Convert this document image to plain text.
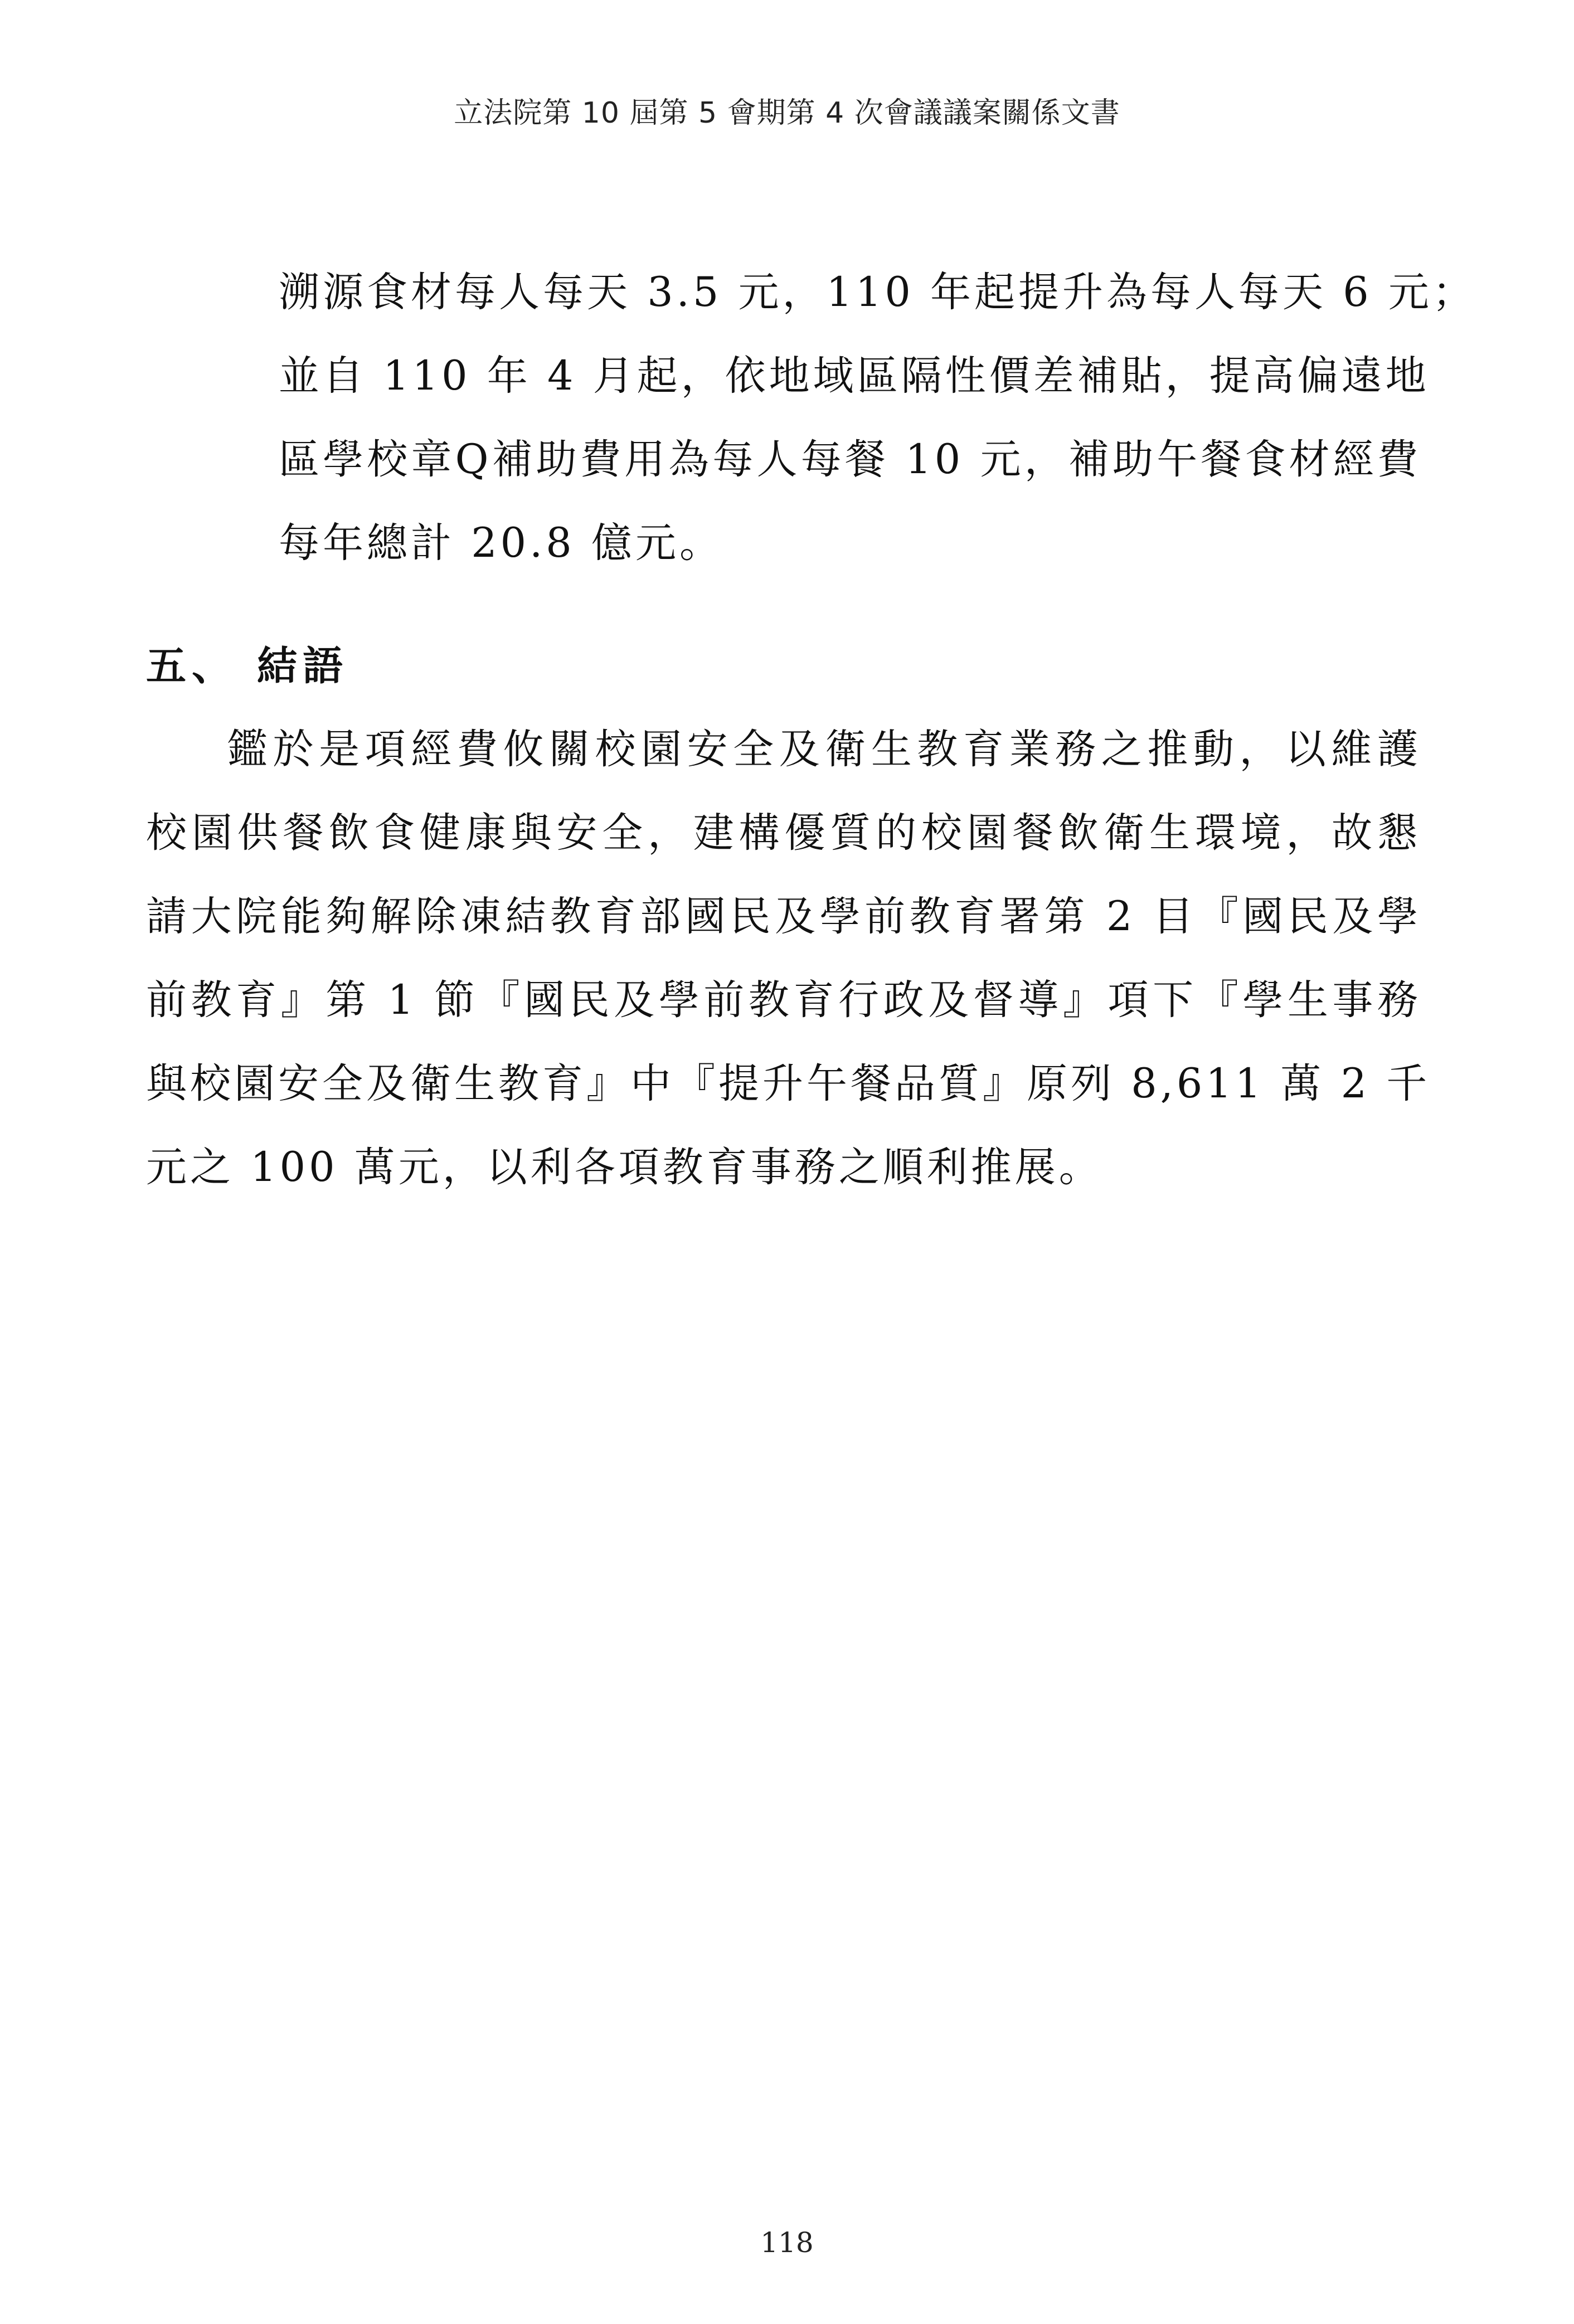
立法院第 10 屆第 5 會期第 4 次會議議案關係文書
溯源食材每人每天 3.5 元，110 年起提升為每人每天 6 元；
並自 110 年 4 月起，依地域區隔性價差補貼，提高偏遠地
區學校章Q補助費用為每人每餐 10 元，補助午餐食材經費
每年總計 20.8 億元。
五、 結語
鑑於是項經費攸關校園安全及衛生教育業務之推動，以維護
校園供餐飲食健康與安全，建構優質的校園餐飲衛生環境，故懇
請大院能夠解除凍結教育部國民及學前教育署第 2 目『國民及學
前教育』第 1 節『國民及學前教育行政及督導』項下『學生事務
與校園安全及衛生教育』中『提升午餐品質』原列 8,611 萬 2 千
元之 100 萬元，以利各項教育事務之順利推展。
118
